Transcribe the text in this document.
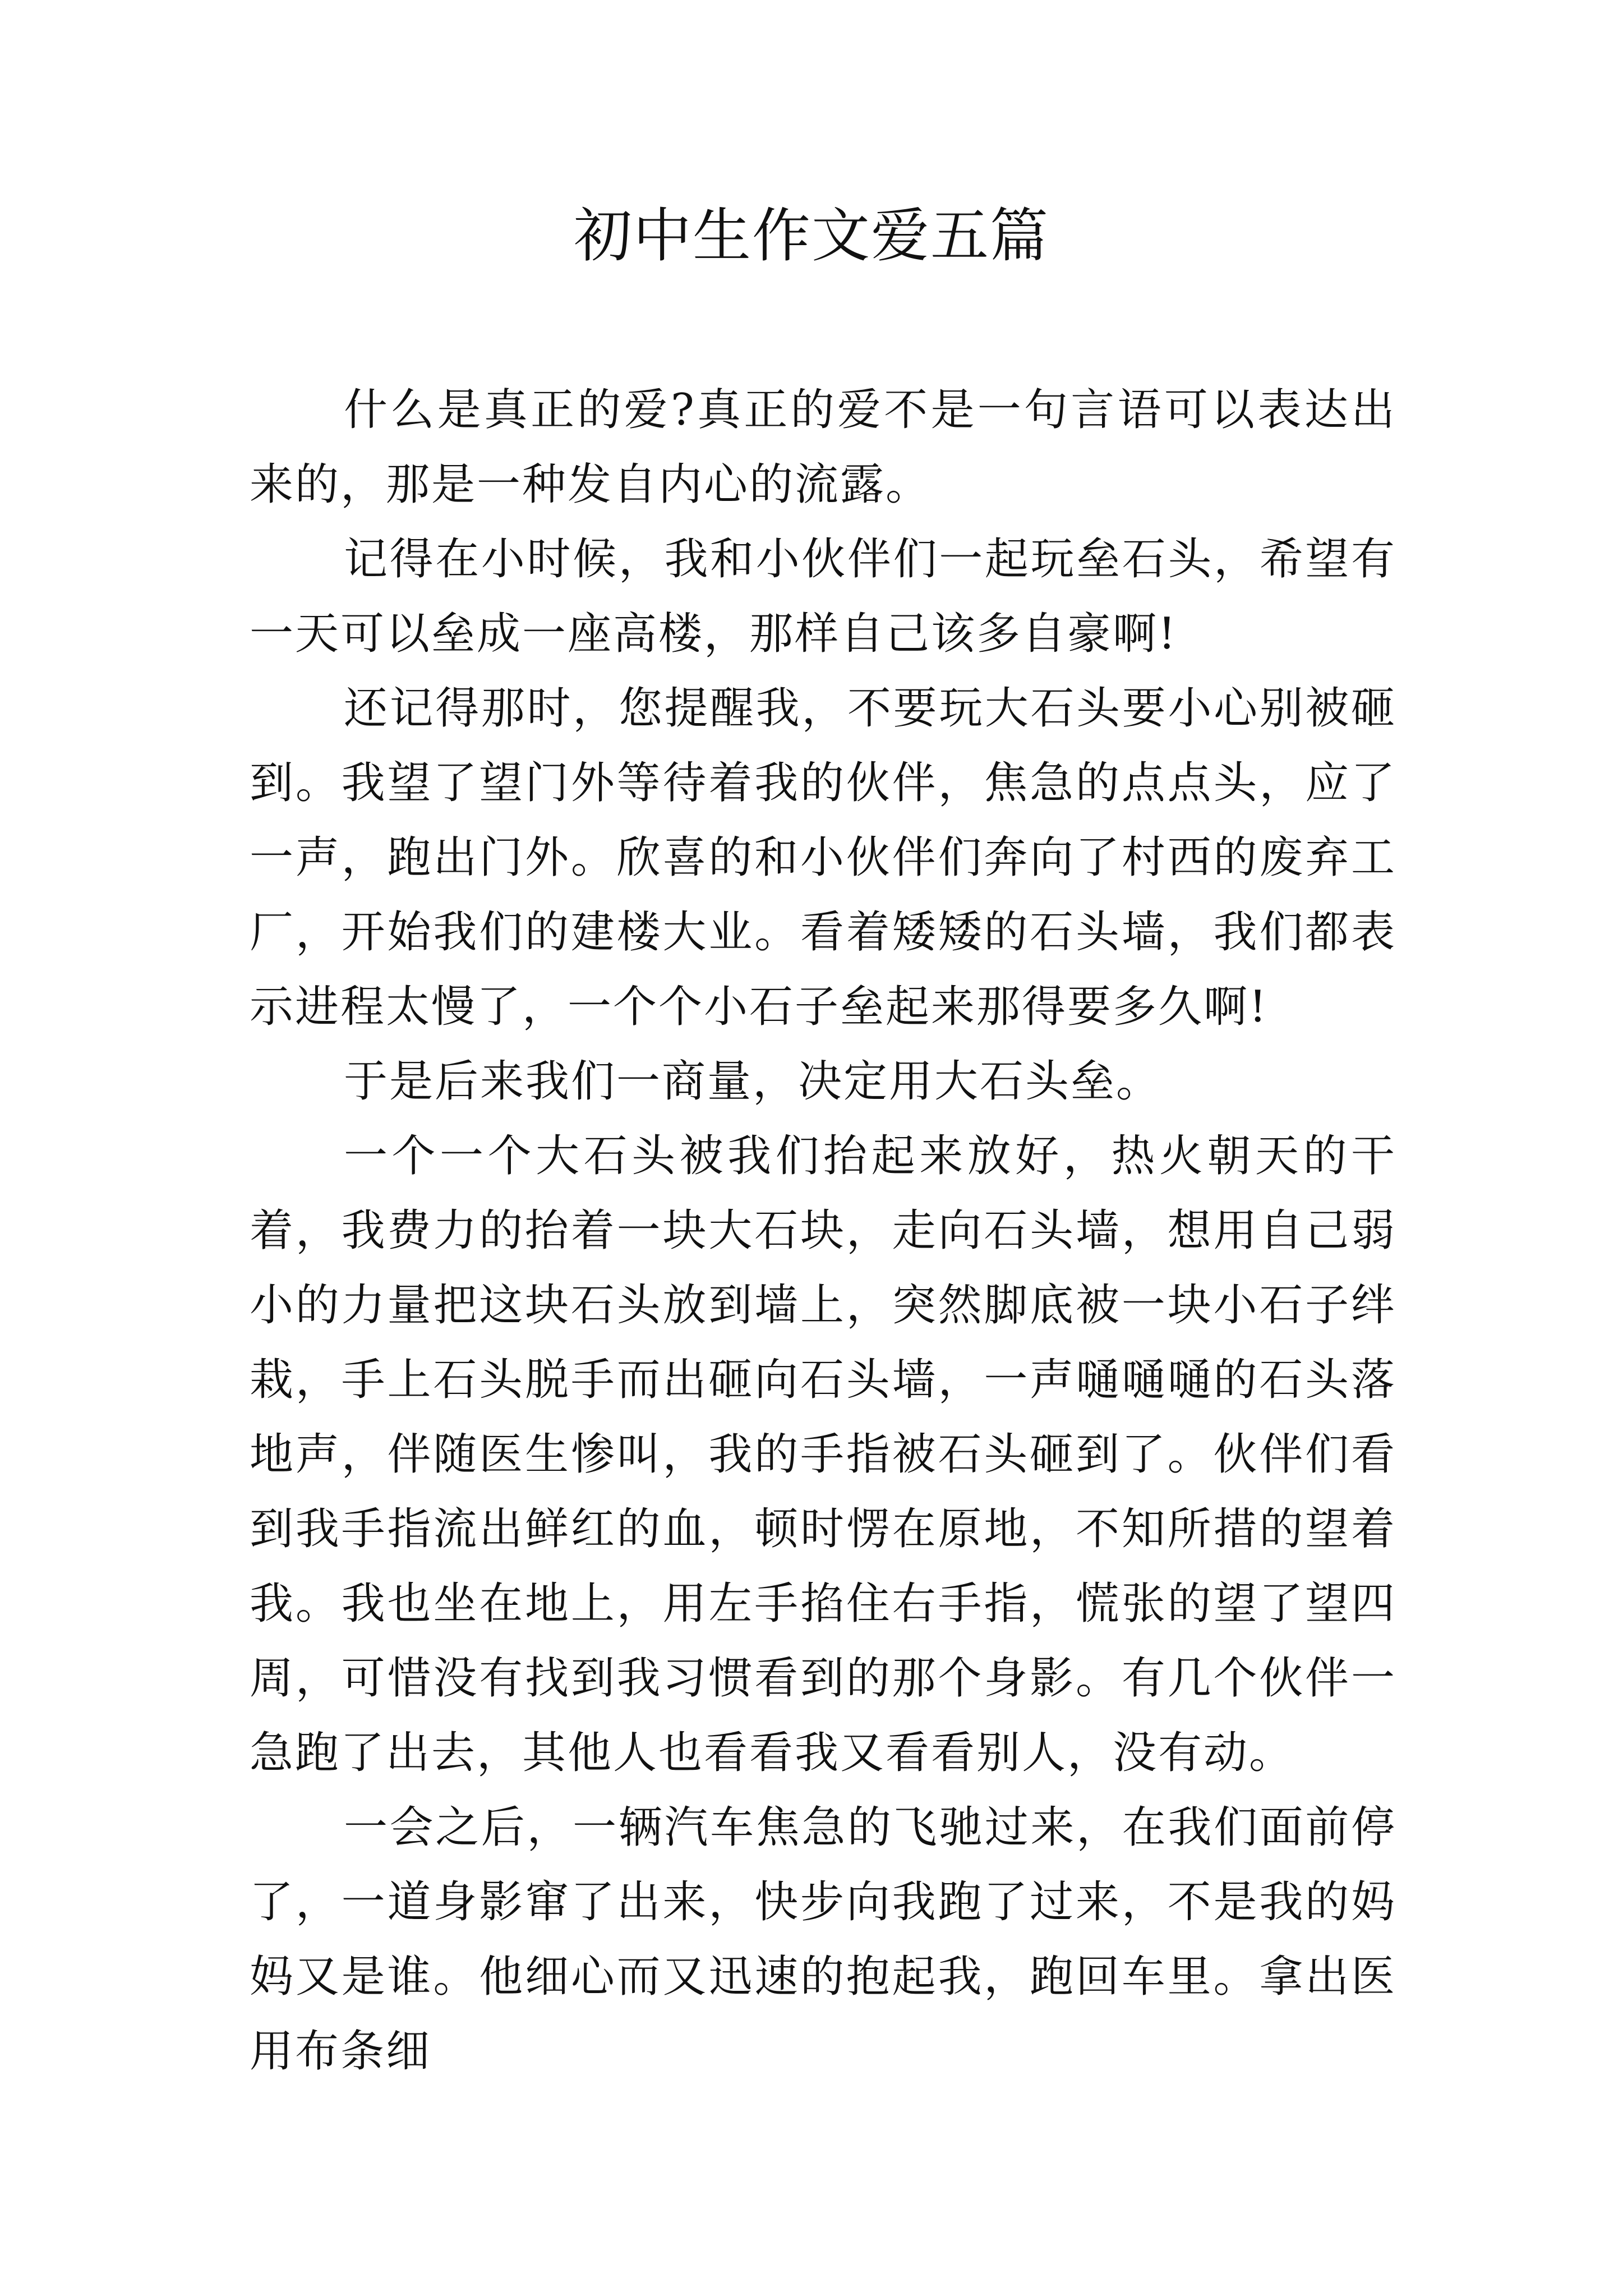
初中生作文爱五篇

什么是真正的爱?真正的爱不是一句言语可以表达出来的，那是一种发自内心的流露。

记得在小时候，我和小伙伴们一起玩垒石头，希望有一天可以垒成一座高楼，那样自己该多自豪啊!

还记得那时，您提醒我，不要玩大石头要小心别被砸到。我望了望门外等待着我的伙伴，焦急的点点头，应了一声，跑出门外。欣喜的和小伙伴们奔向了村西的废弃工厂，开始我们的建楼大业。看着矮矮的石头墙，我们都表示进程太慢了，一个个小石子垒起来那得要多久啊!

于是后来我们一商量，决定用大石头垒。

一个一个大石头被我们抬起来放好，热火朝天的干着，我费力的抬着一块大石块，走向石头墙，想用自己弱小的力量把这块石头放到墙上，突然脚底被一块小石子绊栽，手上石头脱手而出砸向石头墙，一声嗵嗵嗵的石头落地声，伴随医生惨叫，我的手指被石头砸到了。伙伴们看到我手指流出鲜红的血，顿时愣在原地，不知所措的望着我。我也坐在地上，用左手掐住右手指，慌张的望了望四周，可惜没有找到我习惯看到的那个身影。有几个伙伴一急跑了出去，其他人也看看我又看看别人，没有动。

一会之后，一辆汽车焦急的飞驰过来，在我们面前停了，一道身影窜了出来，快步向我跑了过来，不是我的妈妈又是谁。他细心而又迅速的抱起我，跑回车里。拿出医用布条细
